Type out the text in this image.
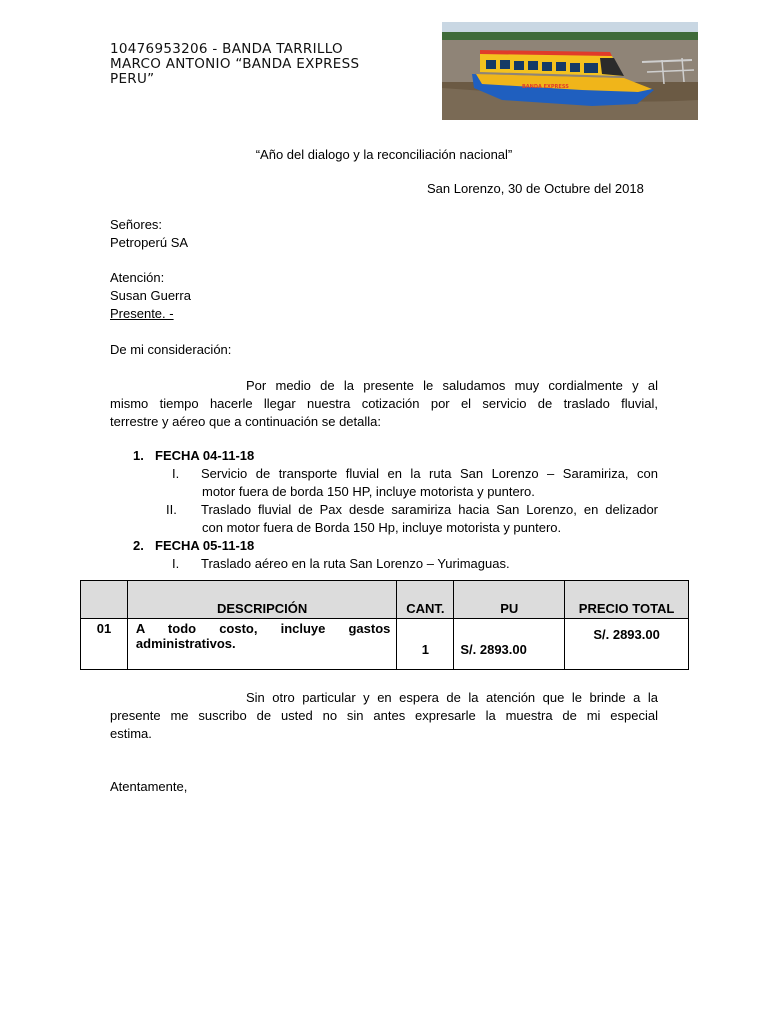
10476953206 - BANDA TARRILLO
MARCO ANTONIO “BANDA EXPRESS
PERU”	BANDA EXPRESS
“Año del dialogo y la reconciliación nacional”
San Lorenzo, 30 de Octubre del 2018
Señores:
Petroperú SA
Atención:
Susan Guerra
Presente. -
De mi consideración:
Por medio de la presente le saludamos muy cordialmente y al
mismo tiempo hacerle llegar nuestra cotización por el servicio de traslado fluvial,
terrestre y aéreo que a continuación se detalla:
1. FECHA 04-11-18
I. Servicio de transporte fluvial en la ruta San Lorenzo – Saramiriza, con
motor fuera de borda 150 HP, incluye motorista y puntero.
II. Traslado fluvial de Pax desde saramiriza hacia San Lorenzo, en delizador
con motor fuera de Borda 150 Hp, incluye motorista y puntero.
2. FECHA 05-11-18
I. Traslado aéreo en la ruta San Lorenzo – Yurimaguas.
	DESCRIPCIÓN	CANT.	PU	PRECIO TOTAL
01	A todo costo, incluye gastos
administrativos.	1	S/. 2893.00	S/. 2893.00
Sin otro particular y en espera de la atención que le brinde a la
presente me suscribo de usted no sin antes expresarle la muestra de mi especial
estima.
Atentamente,
